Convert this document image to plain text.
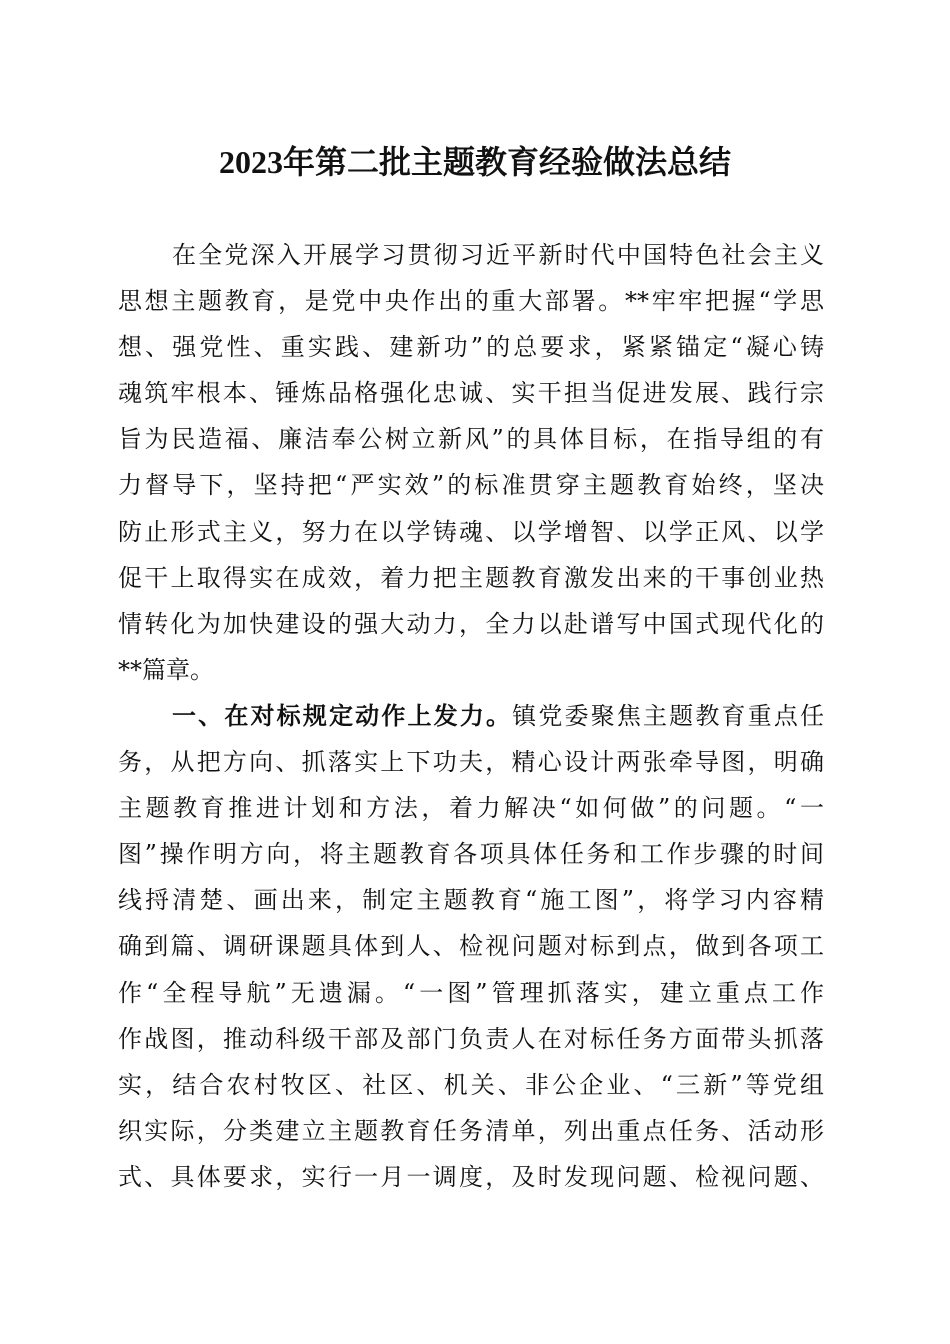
2023年第二批主题教育经验做法总结
在全党深入开展学习贯彻习近平新时代中国特色社会主义
思想主题教育，是党中央作出的重大部署。**牢牢把握“学思
想、强党性、重实践、建新功”的总要求，紧紧锚定“凝心铸
魂筑牢根本、锤炼品格强化忠诚、实干担当促进发展、践行宗
旨为民造福、廉洁奉公树立新风”的具体目标，在指导组的有
力督导下，坚持把“严实效”的标准贯穿主题教育始终，坚决
防止形式主义，努力在以学铸魂、以学增智、以学正风、以学
促干上取得实在成效，着力把主题教育激发出来的干事创业热
情转化为加快建设的强大动力，全力以赴谱写中国式现代化的
**篇章。
一、在对标规定动作上发力。镇党委聚焦主题教育重点任
务，从把方向、抓落实上下功夫，精心设计两张牵导图，明确
主题教育推进计划和方法，着力解决“如何做”的问题。“一
图”操作明方向，将主题教育各项具体任务和工作步骤的时间
线捋清楚、画出来，制定主题教育“施工图”，将学习内容精
确到篇、调研课题具体到人、检视问题对标到点，做到各项工
作“全程导航”无遗漏。“一图”管理抓落实，建立重点工作
作战图，推动科级干部及部门负责人在对标任务方面带头抓落
实，结合农村牧区、社区、机关、非公企业、“三新”等党组
织实际，分类建立主题教育任务清单，列出重点任务、活动形
式、具体要求，实行一月一调度，及时发现问题、检视问题、
